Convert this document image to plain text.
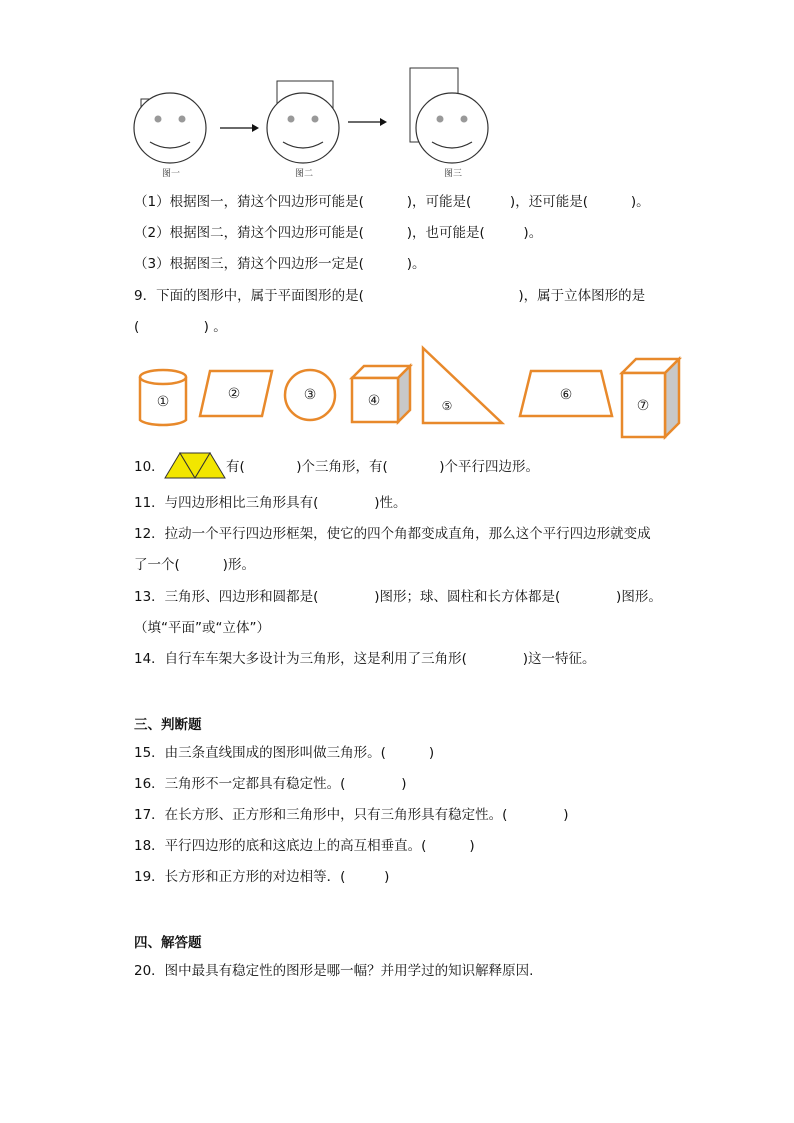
图一	图二	图三
（1）根据图一，猜这个四边形可能是(          )，可能是(         )，还可能是(          )。
（2）根据图二，猜这个四边形可能是(          )，也可能是(         )。
（3）根据图三，猜这个四边形一定是(          )。
9．下面的图形中，属于平面图形的是(                                    )，属于立体图形的是
(               ) 。
①	②	③	④	⑤
⑥
⑦
10．	有(            )个三角形，有(            )个平行四边形。
11．与四边形相比三角形具有(             )性。
12．拉动一个平行四边形框架，使它的四个角都变成直角，那么这个平行四边形就变成
了一个(          )形。
13．三角形、四边形和圆都是(             )图形；球、圆柱和长方体都是(             )图形。
（填“平面”或“立体”）
14．自行车车架大多设计为三角形，这是利用了三角形(             )这一特征。
三、判断题
15．由三条直线围成的图形叫做三角形。(          )
16．三角形不一定都具有稳定性。(             )
17．在长方形、正方形和三角形中，只有三角形具有稳定性。(             )
18．平行四边形的底和这底边上的高互相垂直。(          )
19．长方形和正方形的对边相等．(         )
四、解答题
20．图中最具有稳定性的图形是哪一幅？并用学过的知识解释原因.
